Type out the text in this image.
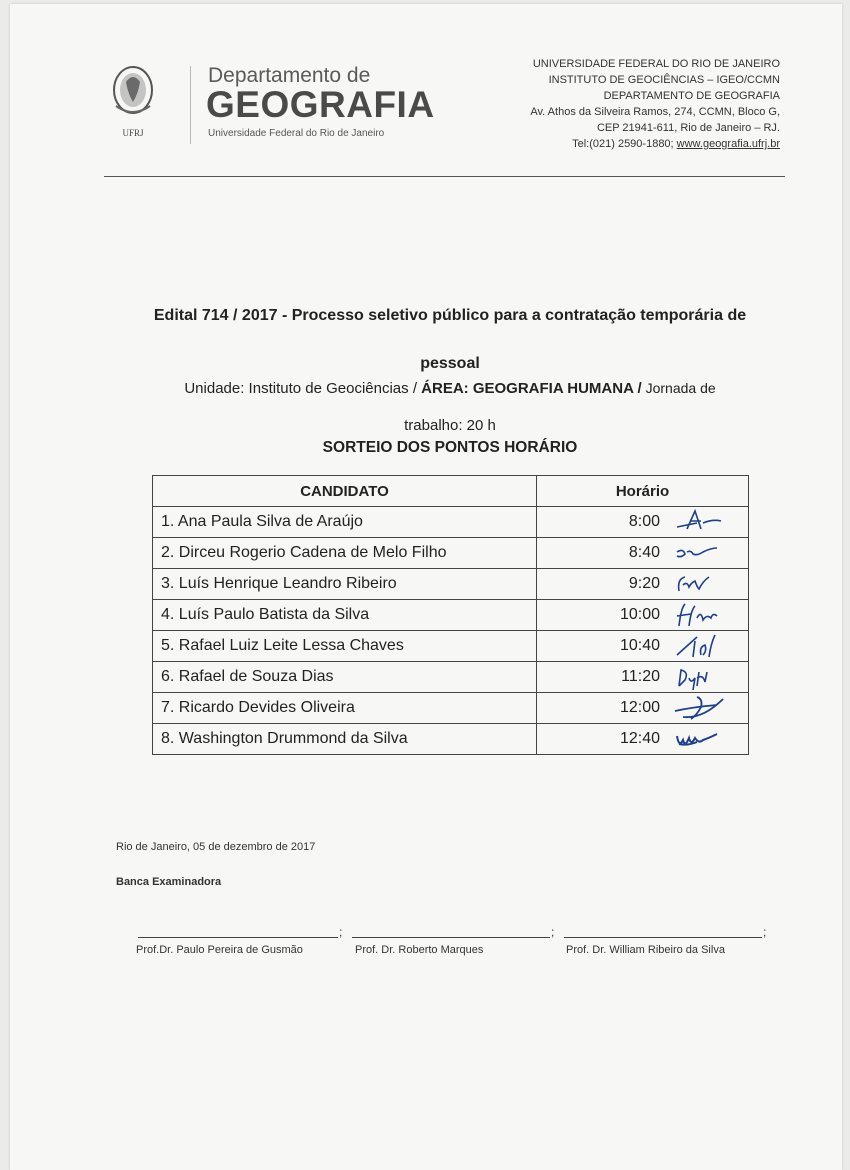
UFRJ
Departamento de
GEOGRAFIA
Universidade Federal do Rio de Janeiro
UNIVERSIDADE FEDERAL DO RIO DE JANEIRO
INSTITUTO DE GEOCIÊNCIAS – IGEO/CCMN
DEPARTAMENTO DE GEOGRAFIA
Av. Athos da Silveira Ramos, 274, CCMN, Bloco G,
CEP 21941-611, Rio de Janeiro – RJ.
Tel:(021) 2590-1880; www.geografia.ufrj.br
Edital 714 / 2017 - Processo seletivo público para a contratação temporária de
pessoal
Unidade: Instituto de Geociências / ÁREA: GEOGRAFIA HUMANA / Jornada de
trabalho: 20 h
SORTEIO DOS PONTOS HORÁRIO
CANDIDATO	Horário
1. Ana Paula Silva de Araújo	8:00

2. Dirceu Rogerio Cadena de Melo Filho	8:40

3. Luís Henrique Leandro Ribeiro	9:20

4. Luís Paulo Batista da Silva	10:00

5. Rafael Luiz Leite Lessa Chaves	10:40

6. Rafael de Souza Dias	11:20

7. Ricardo Devides Oliveira	12:00

8. Washington Drummond da Silva	12:40
Rio de Janeiro, 05 de dezembro de 2017
Banca Examinadora
;	;	;
Prof.Dr. Paulo Pereira de Gusmão	Prof. Dr. Roberto Marques	Prof. Dr. William Ribeiro da Silva
